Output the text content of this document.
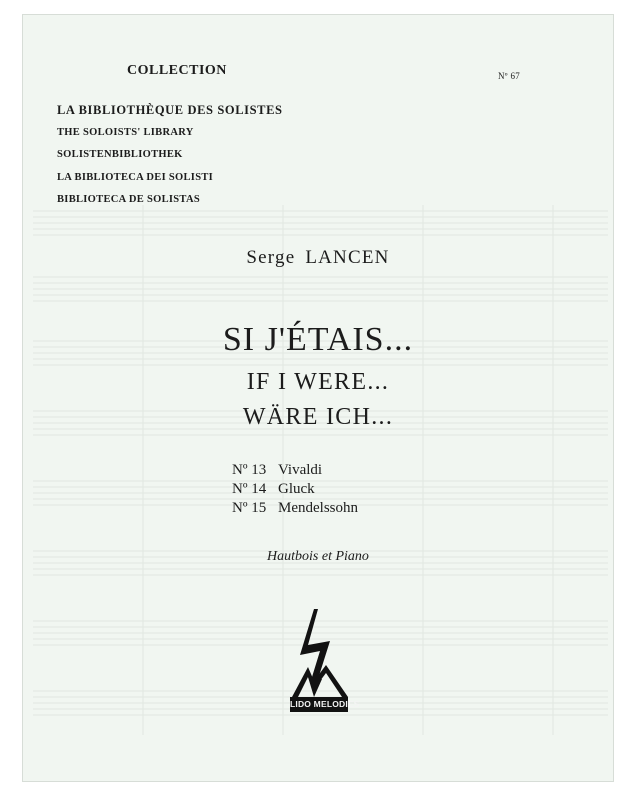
COLLECTION	Nº 67
LA BIBLIOTHÈQUE DES SOLISTES
THE SOLOISTS' LIBRARY
SOLISTENBIBLIOTHEK
LA BIBLIOTECA DEI SOLISTI
BIBLIOTECA DE SOLISTAS
Serge LANCEN
SI J'ÉTAIS...
IF I WERE...
WÄRE ICH...
Nº 13 Vivaldi
Nº 14 Gluck
Nº 15 Mendelssohn
Hautbois et Piano
LIDO MELODIES
